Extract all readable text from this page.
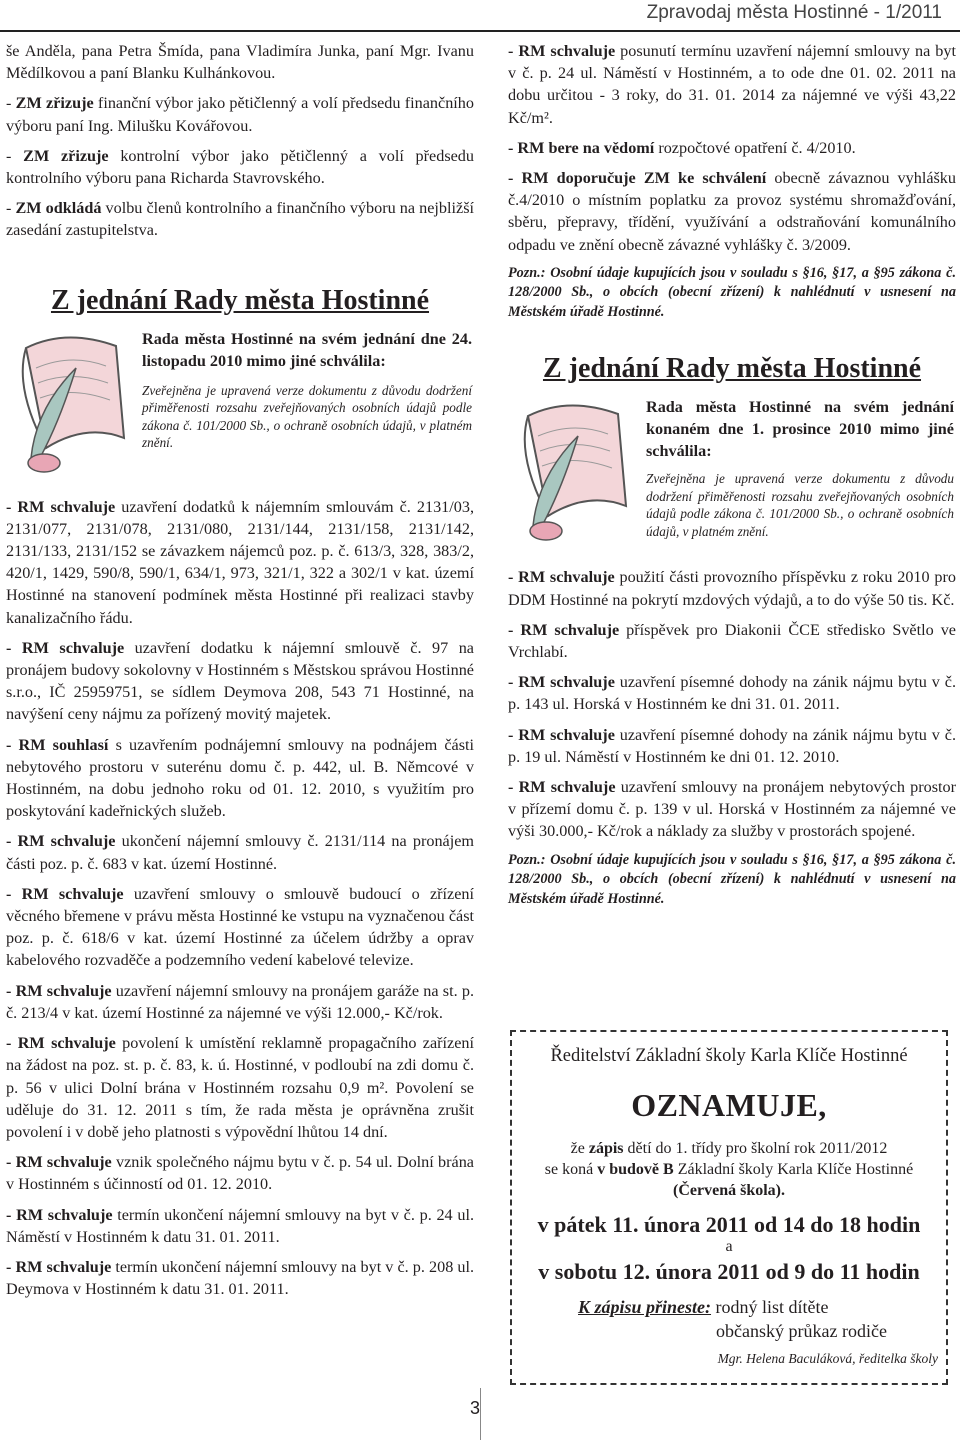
Zpravodaj města Hostinné - 1/2011

še Anděla, pana Petra Šmída, pana Vladimíra Junka, paní Mgr. Ivanu Mědílkovou a paní Blanku Kulhánkovou.

- ZM zřizuje finanční výbor jako pětičlenný a volí předsedu finančního výboru paní Ing. Milušku Kovářovou.

- ZM zřizuje kontrolní výbor jako pětičlenný a volí předsedu kontrolního výboru pana Richarda Stavrovského.

- ZM odkládá volbu členů kontrolního a finančního výboru na nejbližší zasedání zastupitelstva.

Z jednání Rady města Hostinné
Rada města Hostinné na svém jednání dne 24. listopadu 2010 mimo jiné schválila:
Zveřejněna je upravená verze dokumentu z důvodu dodržení přiměřenosti rozsahu zveřejňovaných osobních údajů podle zákona č. 101/2000 Sb., o ochraně osobních údajů, v platném znění.

- RM schvaluje uzavření dodatků k nájemním smlouvám č. 2131/03, 2131/077, 2131/078, 2131/080, 2131/144, 2131/158, 2131/142, 2131/133, 2131/152 se závazkem nájemců poz. p. č. 613/3, 328, 383/2, 420/1, 1429, 590/8, 590/1, 634/1, 973, 321/1, 322 a 302/1 v kat. území Hostinné na stanovení podmínek města Hostinné při realizaci stavby kanalizačního řádu.

- RM schvaluje uzavření dodatku k nájemní smlouvě č. 97 na pronájem budovy sokolovny v Hostinném s Městskou správou Hostinné s.r.o., IČ 25959751, se sídlem Deymova 208, 543 71 Hostinné, na navýšení ceny nájmu za pořízený movitý majetek.

- RM souhlasí s uzavřením podnájemní smlouvy na podnájem části nebytového prostoru v suterénu domu č. p. 442, ul. B. Němcové v Hostinném, na dobu jednoho roku od 01. 12. 2010, s využitím pro poskytování kadeřnických služeb.

- RM schvaluje ukončení nájemní smlouvy č. 2131/114 na pronájem části poz. p. č. 683 v kat. území Hostinné.

- RM schvaluje uzavření smlouvy o smlouvě budoucí o zřízení věcného břemene v právu města Hostinné ke vstupu na vyznačenou část poz. p. č. 618/6 v kat. území Hostinné za účelem údržby a oprav kabelového rozvaděče a podzemního vedení kabelové televize.

- RM schvaluje uzavření nájemní smlouvy na pronájem garáže na st. p. č. 213/4 v kat. území Hostinné za nájemné ve výši 12.000,- Kč/rok.

- RM schvaluje povolení k umístění reklamně propagačního zařízení na žádost na poz. st. p. č. 83, k. ú. Hostinné, v podloubí na zdi domu č. p. 56 v ulici Dolní brána v Hostinném rozsahu 0,9 m². Povolení se uděluje do 31. 12. 2011 s tím, že rada města je oprávněna zrušit povolení i v době jeho platnosti s výpovědní lhůtou 14 dní.

- RM schvaluje vznik společného nájmu bytu v č. p. 54 ul. Dolní brána v Hostinném s účinností od 01. 12. 2010.

- RM schvaluje termín ukončení nájemní smlouvy na byt v č. p. 24 ul. Náměstí v Hostinném k datu 31. 01. 2011.

- RM schvaluje termín ukončení nájemní smlouvy na byt v č. p. 208 ul. Deymova v Hostinném k datu 31. 01. 2011.

- RM schvaluje posunutí termínu uzavření nájemní smlouvy na byt v č. p. 24 ul. Náměstí v Hostinném, a to ode dne 01. 02. 2011 na dobu určitou - 3 roky, do 31. 01. 2014 za nájemné ve výši 43,22 Kč/m².

- RM bere na vědomí rozpočtové opatření č. 4/2010.

- RM doporučuje ZM ke schválení obecně závaznou vyhlášku č.4/2010 o místním poplatku za provoz systému shromažďování, sběru, přepravy, třídění, využívání a odstraňování komunálního odpadu ve znění obecně závazné vyhlášky č. 3/2009.

Pozn.: Osobní údaje kupujících jsou v souladu s §16, §17, a §95 zákona č. 128/2000 Sb., o obcích (obecní zřízení) k nahlédnutí v usnesení na Městském úřadě Hostinné.

Z jednání Rady města Hostinné
Rada města Hostinné na svém jednání konaném dne 1. prosince 2010 mimo jiné schválila:
Zveřejněna je upravená verze dokumentu z důvodu dodržení přiměřenosti rozsahu zveřejňovaných osobních údajů podle zákona č. 101/2000 Sb., o ochraně osobních údajů, v platném znění.

- RM schvaluje použití části provozního příspěvku z roku 2010 pro DDM Hostinné na pokrytí mzdových výdajů, a to do výše 50 tis. Kč.

- RM schvaluje příspěvek pro Diakonii ČCE středisko Světlo ve Vrchlabí.

- RM schvaluje uzavření písemné dohody na zánik nájmu bytu v č. p. 143 ul. Horská v Hostinném ke dni 31. 01. 2011.

- RM schvaluje uzavření písemné dohody na zánik nájmu bytu v č. p. 19 ul. Náměstí v Hostinném ke dni 01. 12. 2010.

- RM schvaluje uzavření smlouvy na pronájem nebytových prostor v přízemí domu č. p. 139 v ul. Horská v Hostinném za nájemné ve výši 30.000,- Kč/rok a náklady za služby v prostorách spojené.

Pozn.: Osobní údaje kupujících jsou v souladu s §16, §17, a §95 zákona č. 128/2000 Sb., o obcích (obecní zřízení) k nahlédnutí v usnesení na Městském úřadě Hostinné.

Ředitelství Základní školy Karla Klíče Hostinné
OZNAMUJE,
že zápis dětí do 1. třídy pro školní rok 2011/2012
se koná v budově B Základní školy Karla Klíče Hostinné
(Červená škola).
v pátek 11. února 2011 od 14 do 18 hodin
a
v sobotu 12. února 2011 od 9 do 11 hodin
K zápisu přineste: rodný list dítěte
občanský průkaz rodiče
Mgr. Helena Baculáková, ředitelka školy
3
